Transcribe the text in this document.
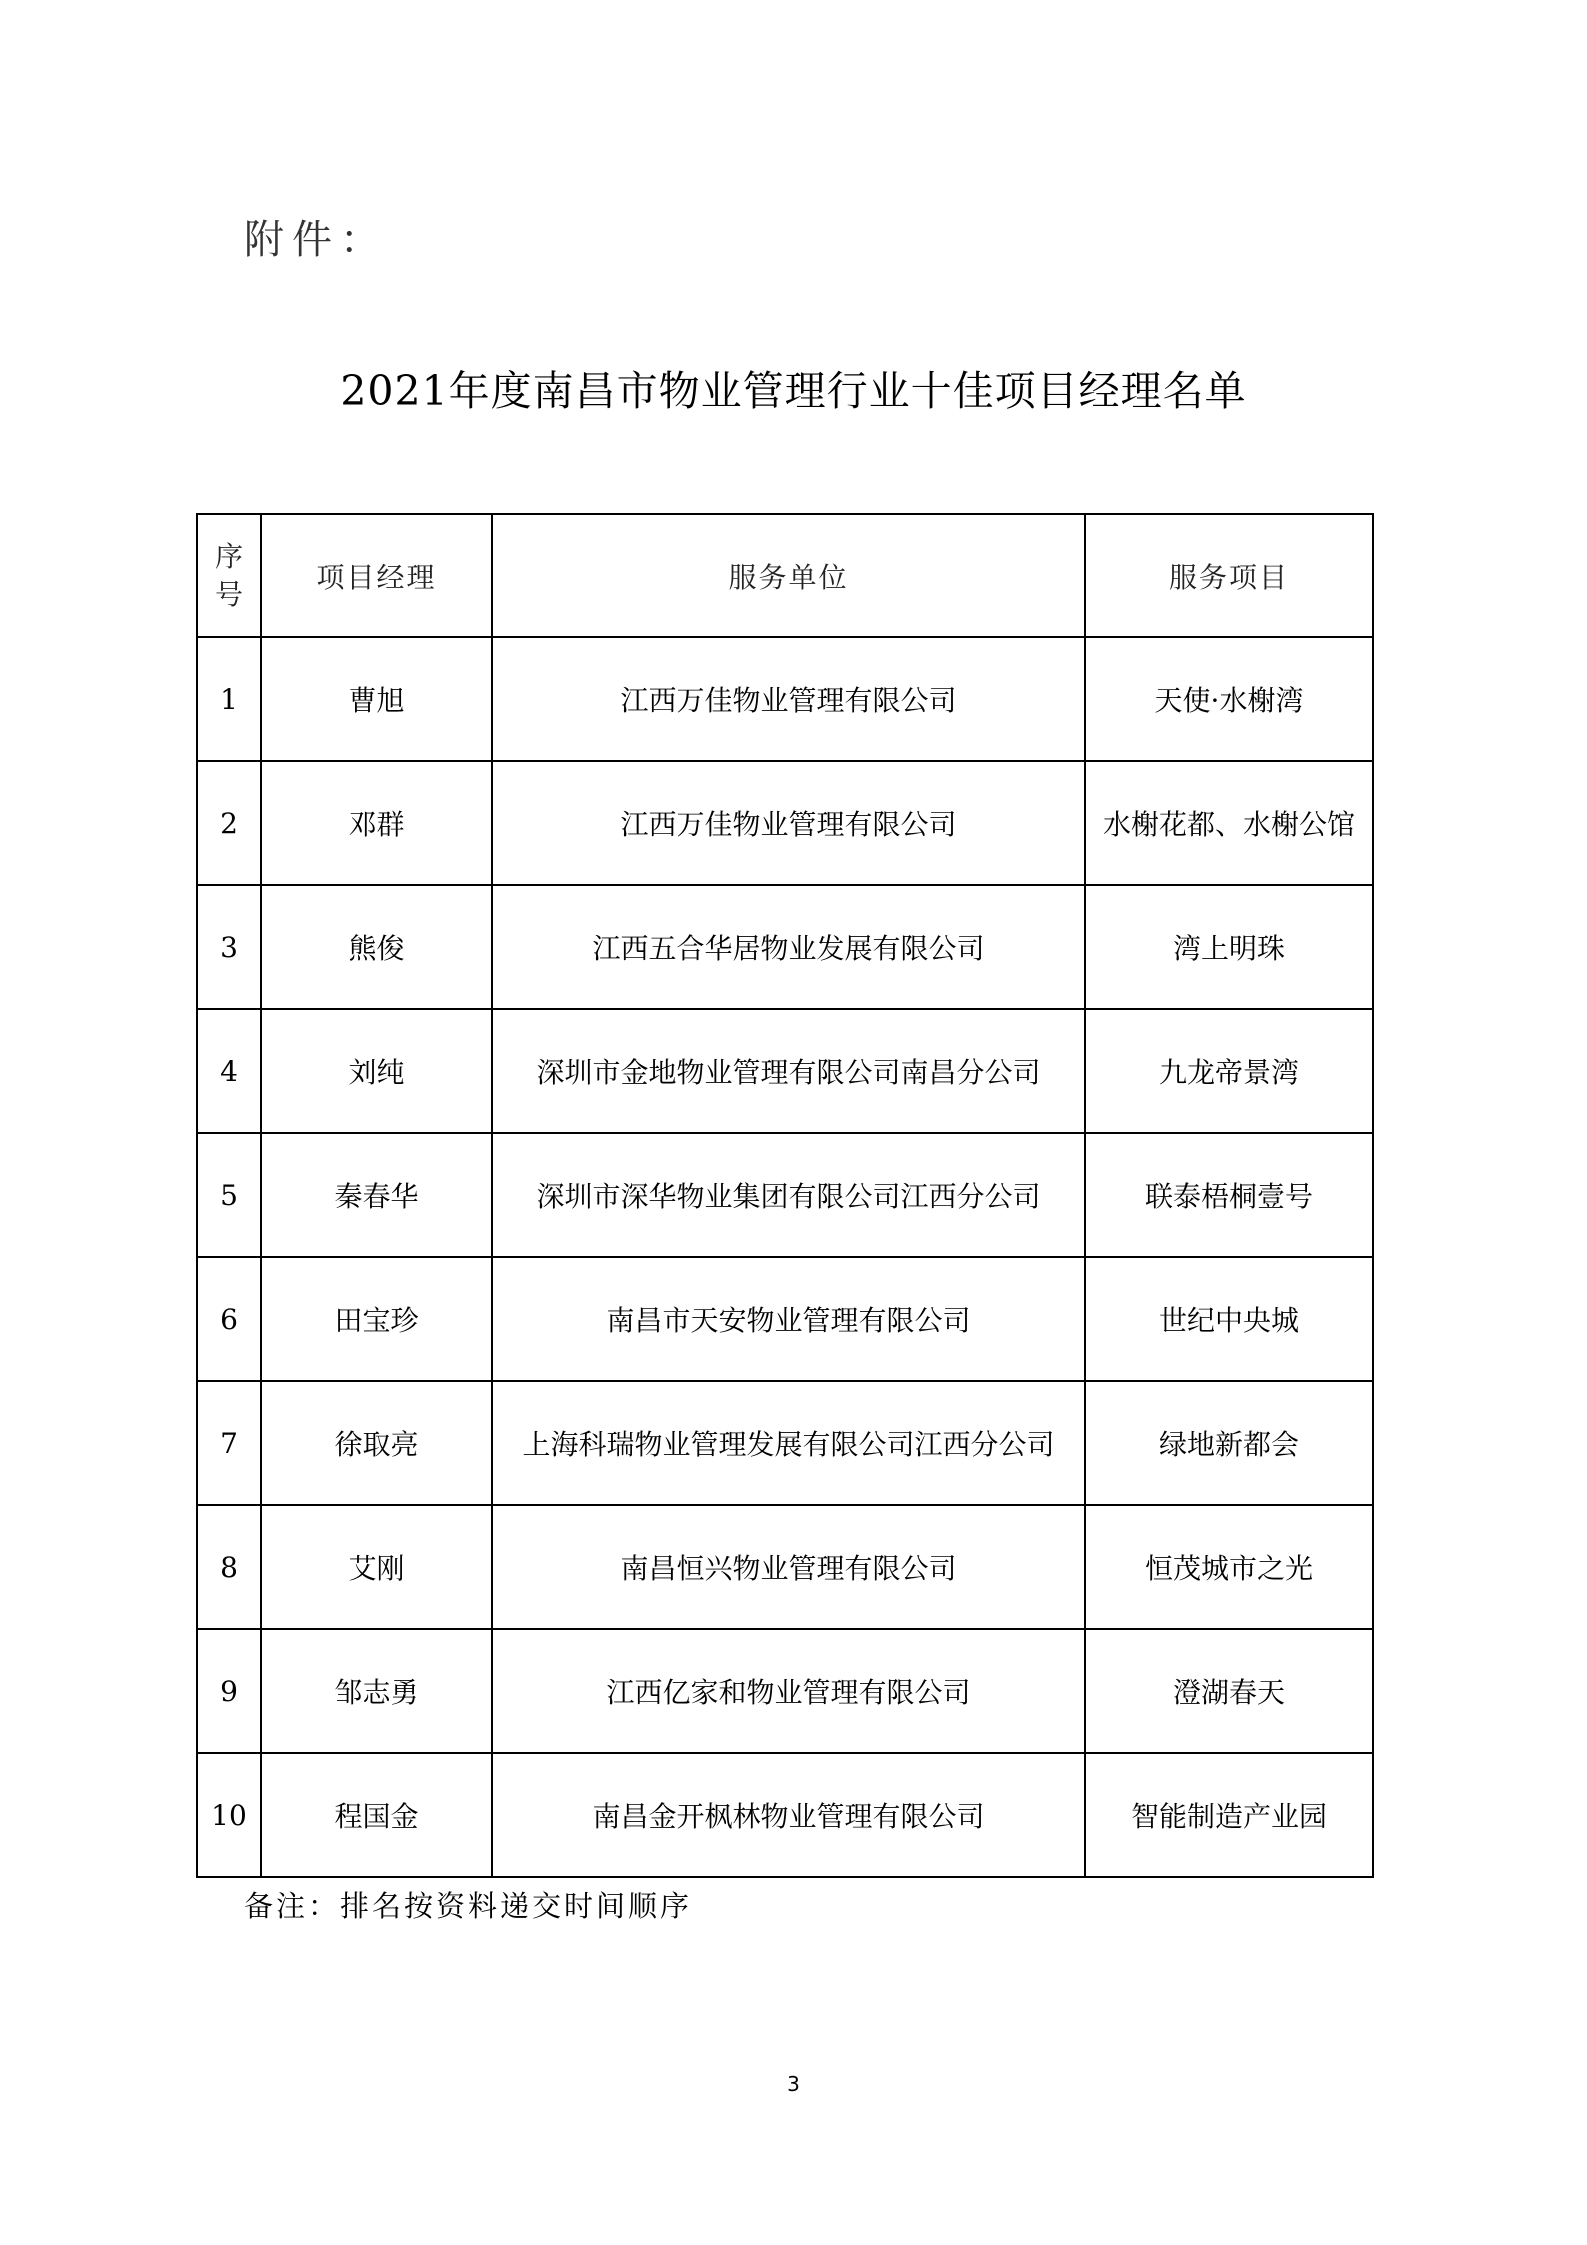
附件：
2021年度南昌市物业管理行业十佳项目经理名单
序号	项目经理	服务单位	服务项目
1	曹旭	江西万佳物业管理有限公司	天使·水榭湾
2	邓群	江西万佳物业管理有限公司	水榭花都、水榭公馆
3	熊俊	江西五合华居物业发展有限公司	湾上明珠
4	刘纯	深圳市金地物业管理有限公司南昌分公司	九龙帝景湾
5	秦春华	深圳市深华物业集团有限公司江西分公司	联泰梧桐壹号
6	田宝珍	南昌市天安物业管理有限公司	世纪中央城
7	徐取亮	上海科瑞物业管理发展有限公司江西分公司	绿地新都会
8	艾刚	南昌恒兴物业管理有限公司	恒茂城市之光
9	邹志勇	江西亿家和物业管理有限公司	澄湖春天
10	程国金	南昌金开枫林物业管理有限公司	智能制造产业园
备注：排名按资料递交时间顺序
3
